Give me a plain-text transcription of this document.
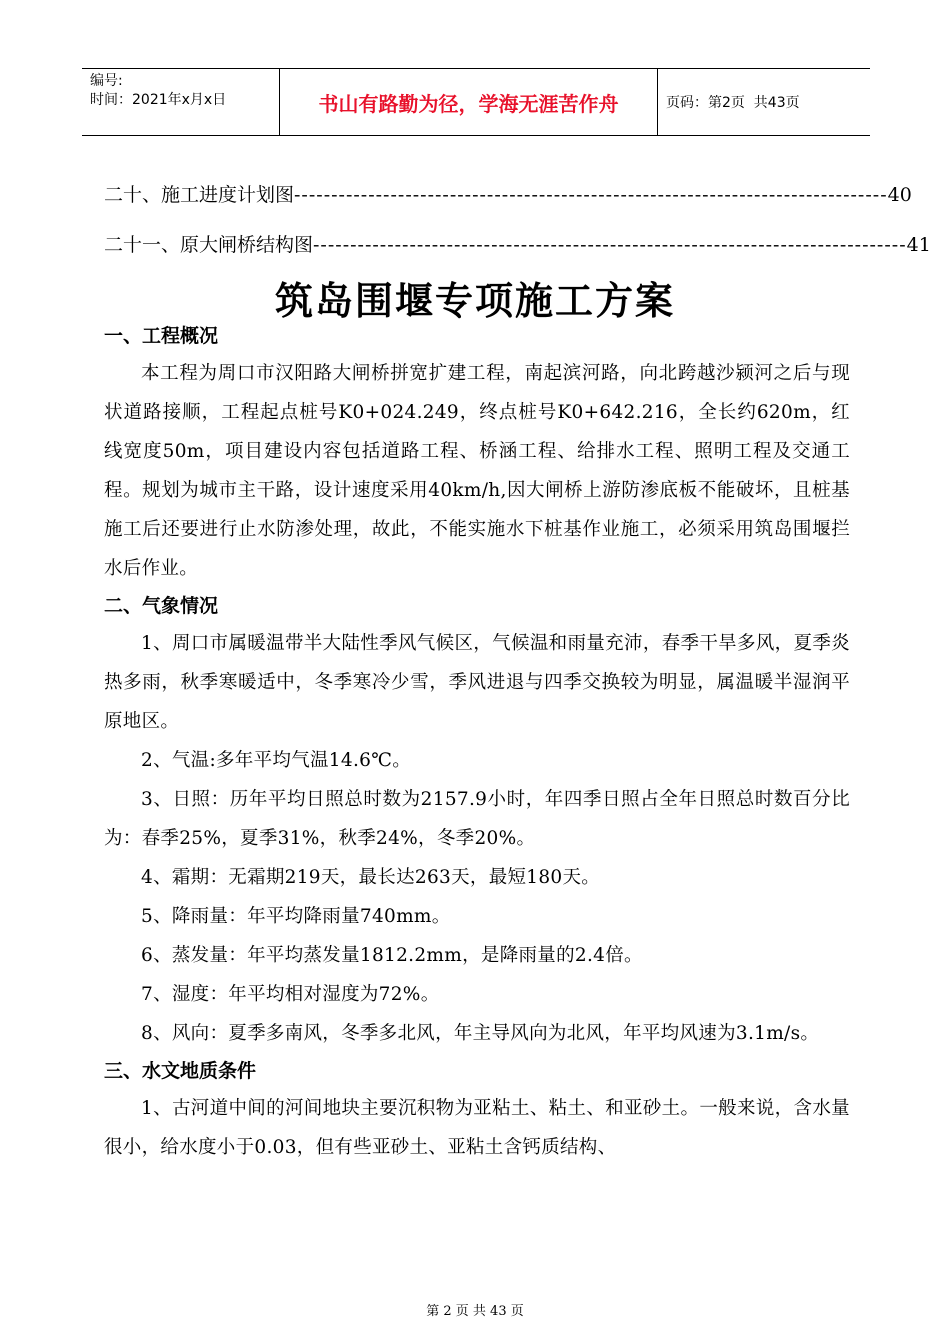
编号:
时间：2021年x月x日	书山有路勤为径，学海无涯苦作舟	页码：第2页  共43页
二十、施工进度计划图 -------------------------------------------------------------------------------- 40
二十一、原大闸桥结构图 -------------------------------------------------------------------------------- 41
筑岛围堰专项施工方案

一、工程概况

本工程为周口市汉阳路大闸桥拼宽扩建工程，南起滨河路，向北跨越沙颍河之后与现状道路接顺，工程起点桩号K0+024.249，终点桩号K0+642.216，全长约620m，红线宽度50m，项目建设内容包括道路工程、桥涵工程、给排水工程、照明工程及交通工程。规划为城市主干路，设计速度采用40km/h,因大闸桥上游防渗底板不能破坏，且桩基施工后还要进行止水防渗处理，故此，不能实施水下桩基作业施工，必须采用筑岛围堰拦水后作业。

二、气象情况

1、周口市属暖温带半大陆性季风气候区，气候温和雨量充沛，春季干旱多风，夏季炎热多雨，秋季寒暖适中，冬季寒冷少雪，季风进退与四季交换较为明显，属温暖半湿润平原地区。

2、气温:多年平均气温14.6℃。

3、日照：历年平均日照总时数为2157.9小时，年四季日照占全年日照总时数百分比为：春季25%，夏季31%，秋季24%，冬季20%。

4、霜期：无霜期219天，最长达263天，最短180天。

5、降雨量：年平均降雨量740mm。

6、蒸发量：年平均蒸发量1812.2mm，是降雨量的2.4倍。

7、湿度：年平均相对湿度为72%。

8、风向：夏季多南风，冬季多北风，年主导风向为北风，年平均风速为3.1m/s。

三、水文地质条件

1、古河道中间的河间地块主要沉积物为亚粘土、粘土、和亚砂土。一般来说，含水量很小，给水度小于0.03，但有些亚砂土、亚粘土含钙质结构、

第 2 页 共 43 页
